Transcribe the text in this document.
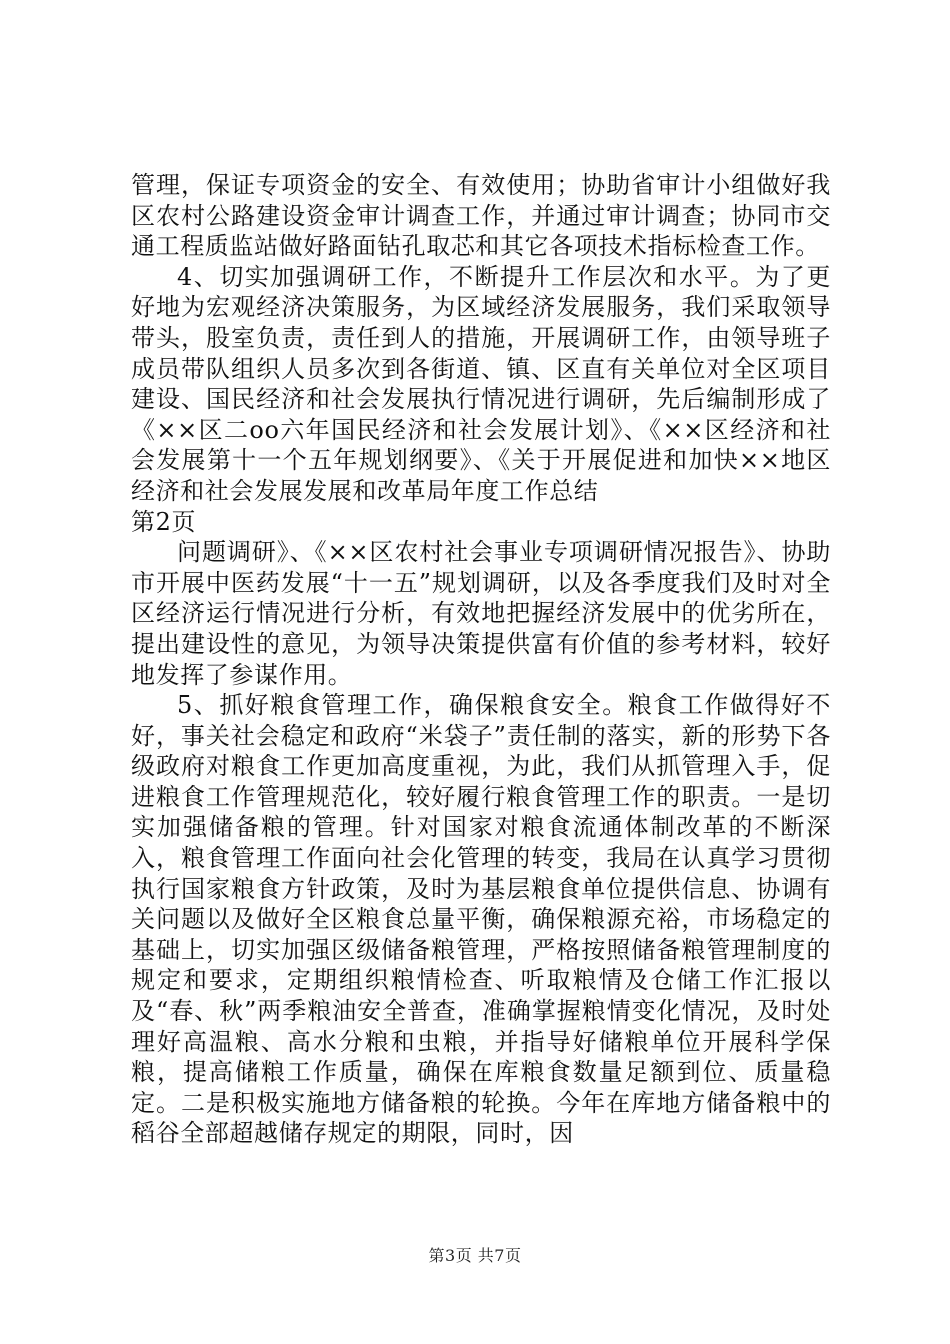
管理，保证专项资金的安全、有效使用；协助省审计小组做好我区农村公路建设资金审计调查工作，并通过审计调查；协同市交通工程质监站做好路面钻孔取芯和其它各项技术指标检查工作。

4、切实加强调研工作，不断提升工作层次和水平。为了更好地为宏观经济决策服务，为区域经济发展服务，我们采取领导带头，股室负责，责任到人的措施，开展调研工作，由领导班子成员带队组织人员多次到各街道、镇、区直有关单位对全区项目建设、国民经济和社会发展执行情况进行调研，先后编制形成了《××区二oo六年国民经济和社会发展计划》、《××区经济和社会发展第十一个五年规划纲要》、《关于开展促进和加快××地区经济和社会发展发展和改革局年度工作总结

第2页

问题调研》、《××区农村社会事业专项调研情况报告》、协助市开展中医药发展“十一五”规划调研，以及各季度我们及时对全区经济运行情况进行分析，有效地把握经济发展中的优劣所在，提出建设性的意见，为领导决策提供富有价值的参考材料，较好地发挥了参谋作用。

5、抓好粮食管理工作，确保粮食安全。粮食工作做得好不好，事关社会稳定和政府“米袋子”责任制的落实，新的形势下各级政府对粮食工作更加高度重视，为此，我们从抓管理入手，促进粮食工作管理规范化，较好履行粮食管理工作的职责。一是切实加强储备粮的管理。针对国家对粮食流通体制改革的不断深入，粮食管理工作面向社会化管理的转变，我局在认真学习贯彻执行国家粮食方针政策，及时为基层粮食单位提供信息、协调有关问题以及做好全区粮食总量平衡，确保粮源充裕，市场稳定的基础上，切实加强区级储备粮管理，严格按照储备粮管理制度的规定和要求，定期组织粮情检查、听取粮情及仓储工作汇报以及“春、秋”两季粮油安全普查，准确掌握粮情变化情况，及时处理好高温粮、高水分粮和虫粮，并指导好储粮单位开展科学保粮，提高储粮工作质量，确保在库粮食数量足额到位、质量稳定。二是积极实施地方储备粮的轮换。今年在库地方储备粮中的稻谷全部超越储存规定的期限，同时，因

第3页 共7页
